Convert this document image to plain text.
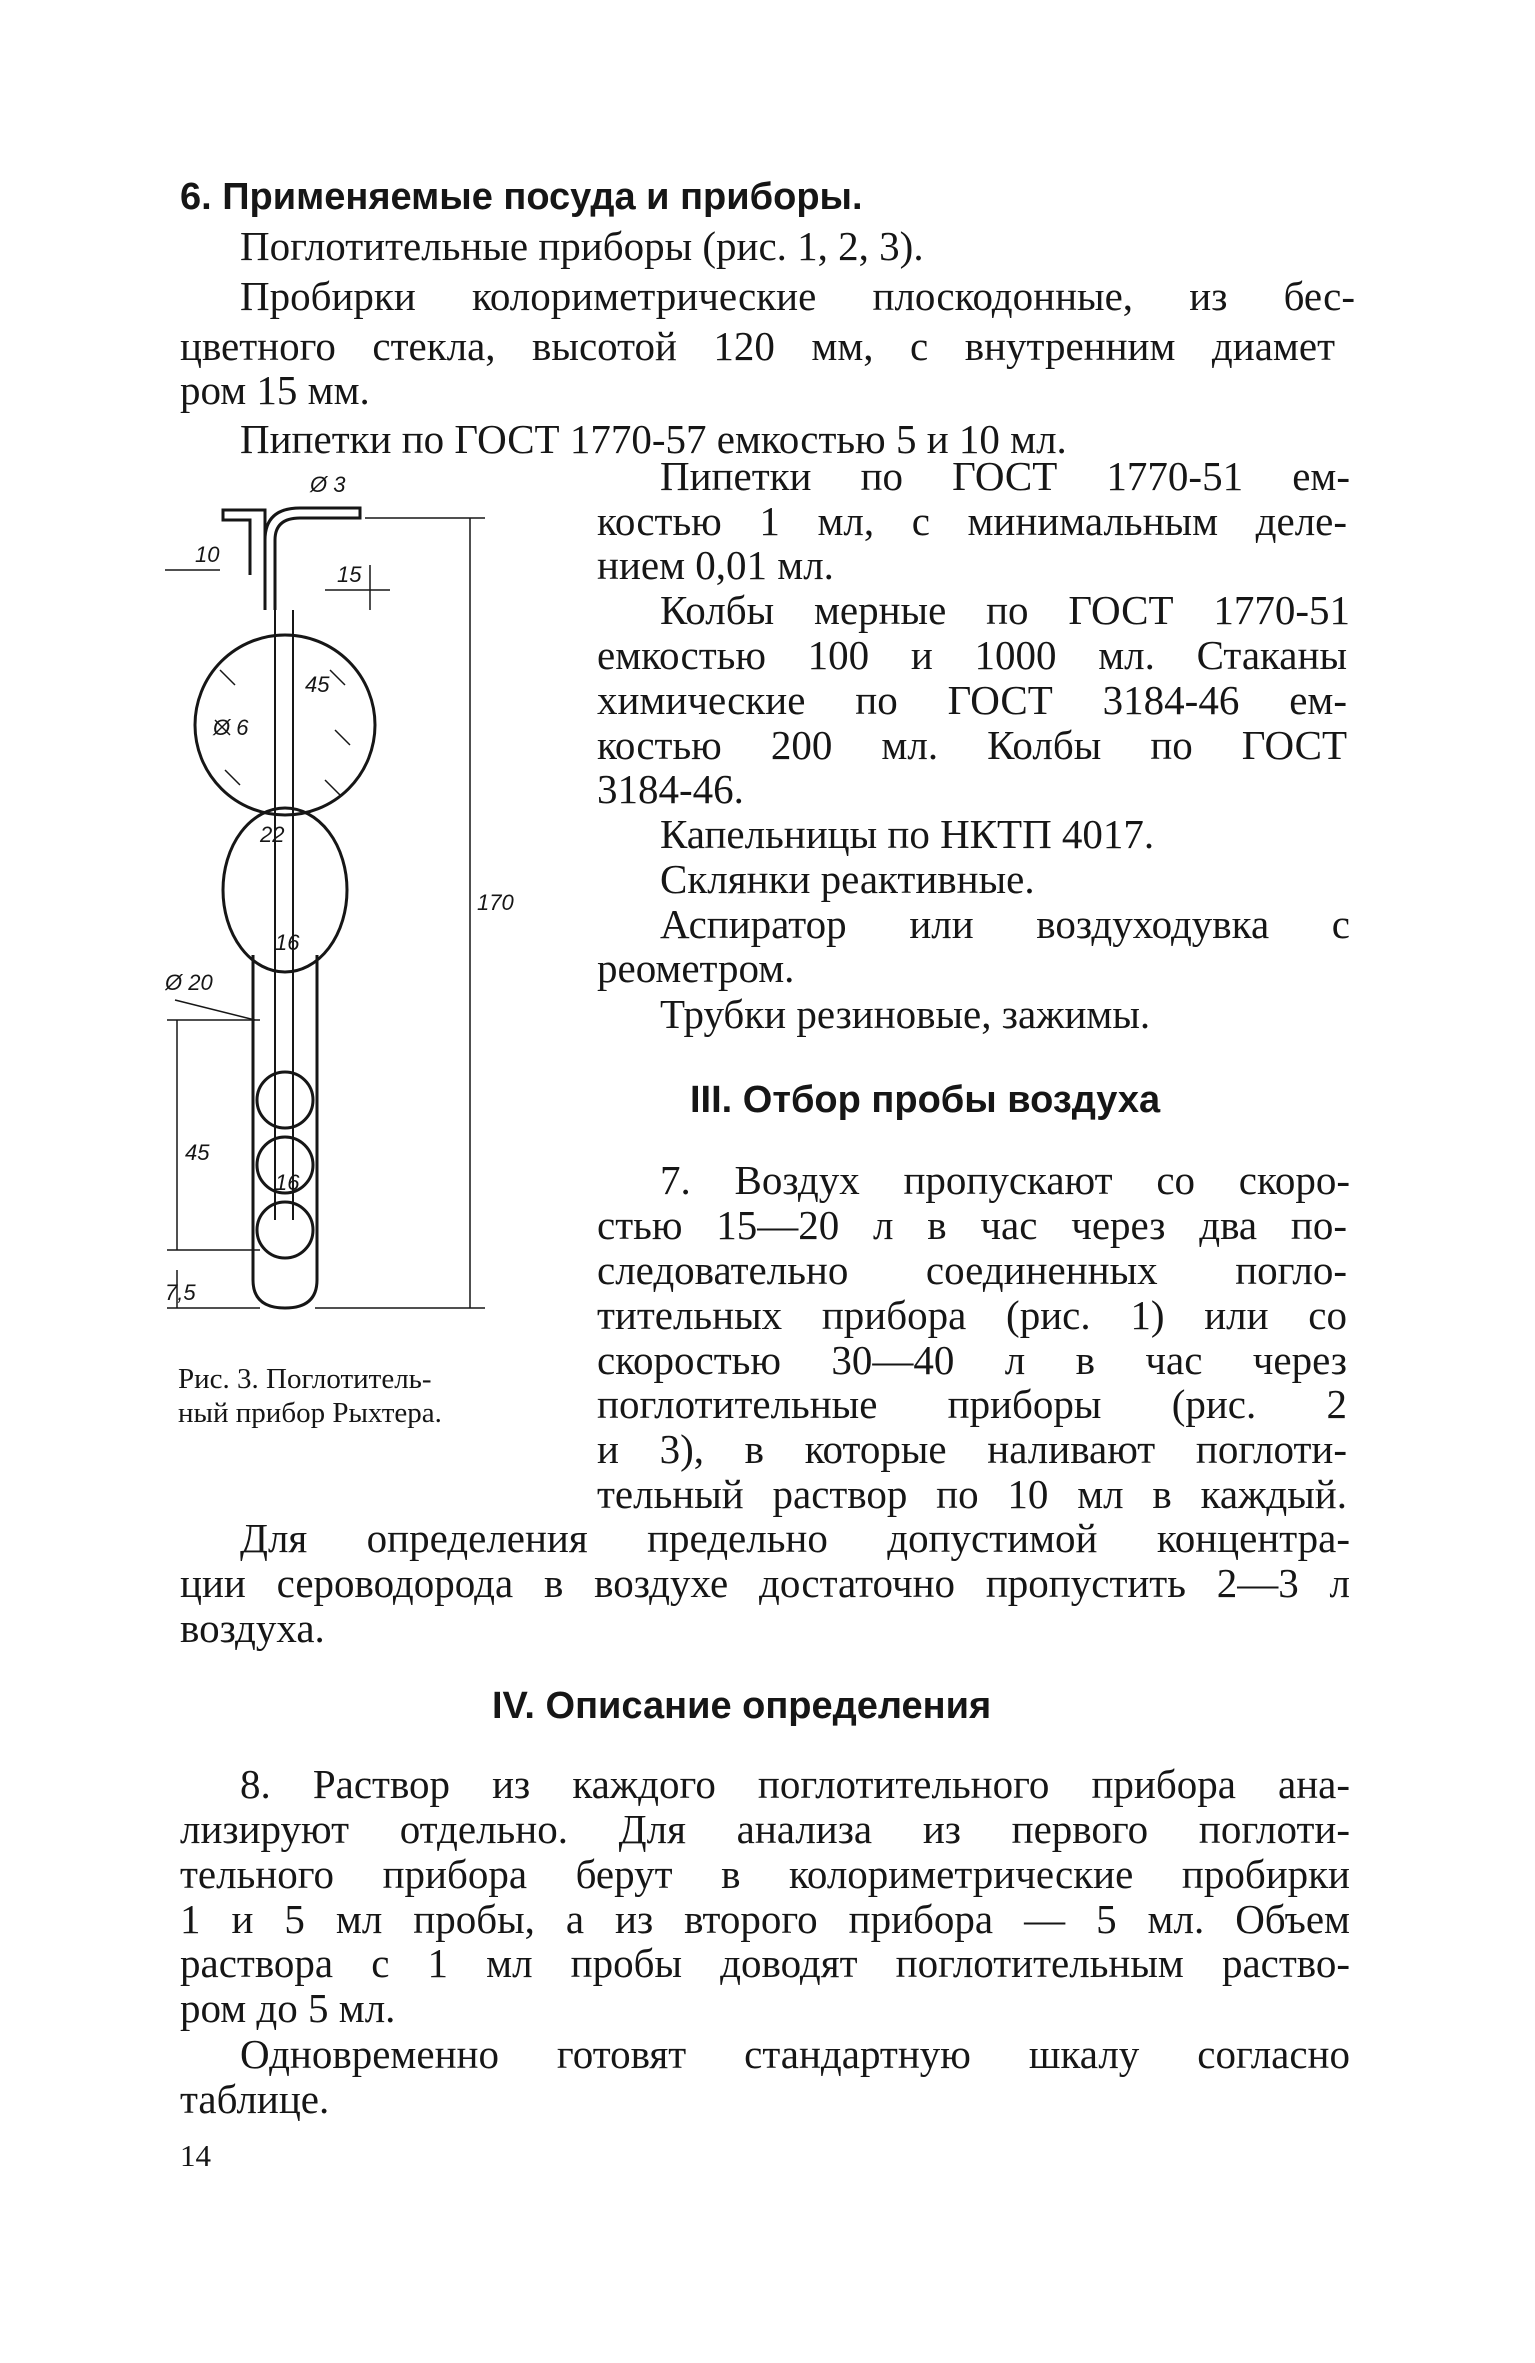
6. Применяемые посуда и приборы.
Поглотительные приборы (рис. 1, 2, 3).
Пробирки колориметрические плоскодонные, из бес-
цветного стекла, высотой 120 мм, с внутренним диамет
ром 15 мм.
Пипетки по ГОСТ 1770-57 емкостью 5 и 10 мл.
Ø 3
10
15
45
Ø 6
22
16
170
Ø 20
45
16
7,5
Рис. 3. Поглотитель-
ный прибор Рыхтера.
Пипетки по ГОСТ 1770-51 ем-
костью 1 мл, с минимальным деле-
нием 0,01 мл.
Колбы мерные по ГОСТ 1770-51
емкостью 100 и 1000 мл. Стаканы
химические по ГОСТ 3184-46 ем-
костью 200 мл. Колбы по ГОСТ
3184-46.
Капельницы по НКТП 4017.
Склянки реактивные.
Аспиратор или воздуходувка с
реометром.
Трубки резиновые, зажимы.
III. Отбор пробы воздуха
7. Воздух пропускают со скоро-
стью 15—20 л в час через два по-
следовательно соединенных погло-
тительных прибора (рис. 1) или со
скоростью 30—40 л в час через
поглотительные приборы (рис. 2
и 3), в которые наливают поглоти-
тельный раствор по 10 мл в каждый.
Для определения предельно допустимой концентра-
ции сероводорода в воздухе достаточно пропустить 2—3 л
воздуха.
IV. Описание определения
8. Раствор из каждого поглотительного прибора ана-
лизируют отдельно. Для анализа из первого поглоти-
тельного прибора берут в колориметрические пробирки
1 и 5 мл пробы, а из второго прибора — 5 мл. Объем
раствора с 1 мл пробы доводят поглотительным раство-
ром до 5 мл.
Одновременно готовят стандартную шкалу согласно
таблице.
14
